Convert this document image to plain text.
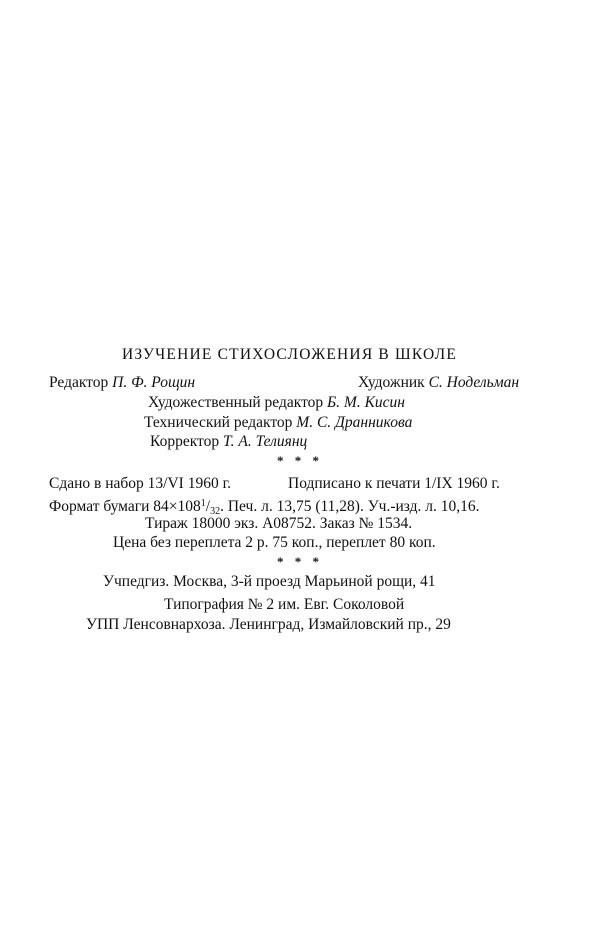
ИЗУЧЕНИЕ СТИХОСЛОЖЕНИЯ В ШКОЛЕ
Редактор П. Ф. Рощин	Художник С. Нодельман
Художественный редактор Б. М. Кисин
Технический редактор М. С. Дранникова
Корректор Т. А. Телиянц
* * *
Сдано в набор 13/VI 1960 г.	Подписано к печати 1/IX 1960 г.
Формат бумаги $84\times 108^1/_{32}$. Печ. л. 13,75 (11,28). Уч.-изд. л. 10,16.
Тираж 18000 экз. А08752. Заказ № 1534.
Цена без переплета 2 р. 75 коп., переплет 80 коп.
* * *
Учпедгиз. Москва, 3-й проезд Марьиной рощи, 41
Типография № 2 им. Евг. Соколовой
УПП Ленсовнархоза. Ленинград, Измайловский пр., 29
